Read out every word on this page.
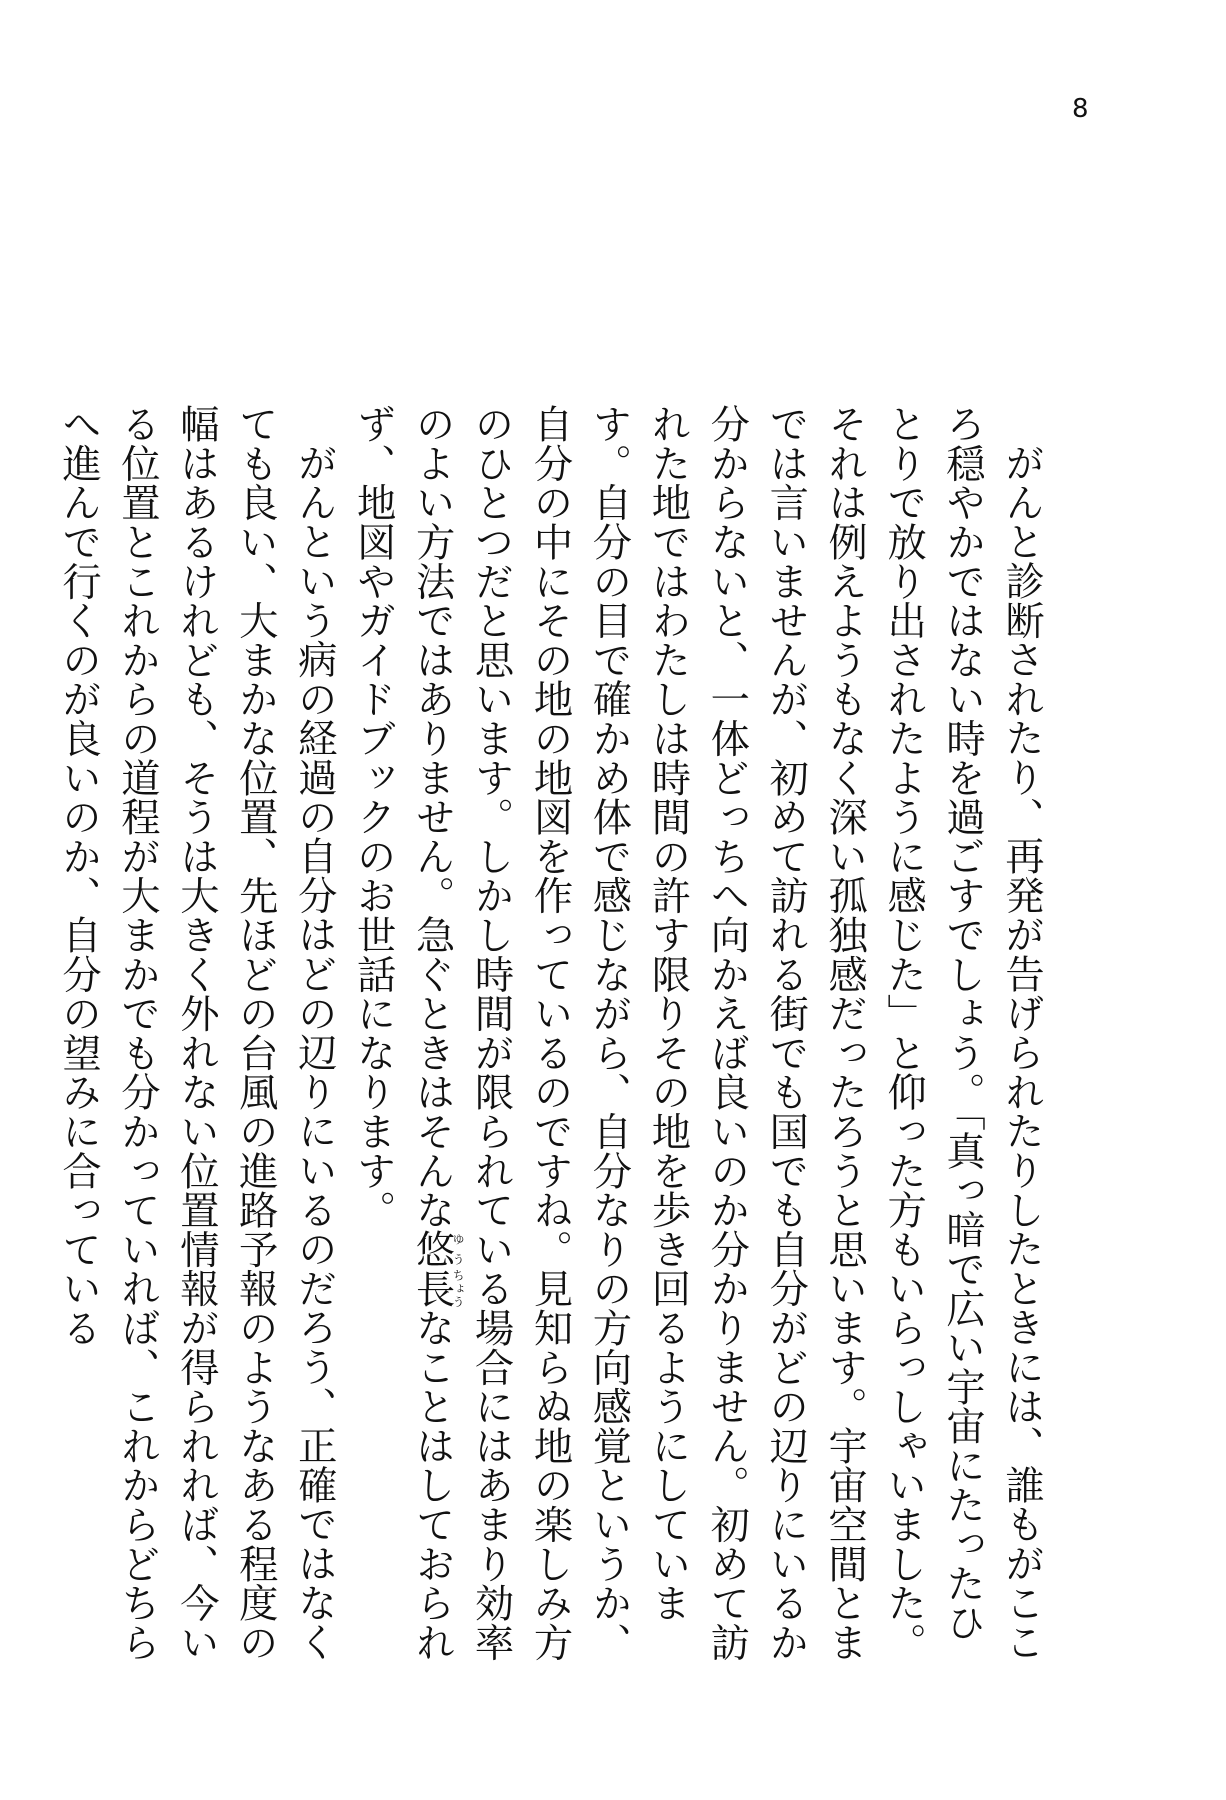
8

がんと診断されたり、再発が告げられたりしたときには、誰もがこころ穏やかではない時を過ごすでしょう。「真っ暗で広い宇宙にたったひとりで放り出されたように感じた」と仰った方もいらっしゃいました。それは例えようもなく深い孤独感だったろうと思います。宇宙空間とまでは言いませんが、初めて訪れる街でも国でも自分がどの辺りにいるか分からないと、一体どっちへ向かえば良いのか分かりません。初めて訪れた地ではわたしは時間の許す限りその地を歩き回るようにしています。自分の目で確かめ体で感じながら、自分なりの方向感覚というか、自分の中にその地の地図を作っているのですね。見知らぬ地の楽しみ方のひとつだと思います。しかし時間が限られている場合にはあまり効率のよい方法ではありません。急ぐときはそんな悠ゆう長ちょうなことはしておられず、地図やガイドブックのお世話になります。

がんという病の経過の自分はどの辺りにいるのだろう、正確ではなくても良い、大まかな位置、先ほどの台風の進路予報のようなある程度の幅はあるけれども、そうは大きく外れない位置情報が得られれば、今いる位置とこれからの道程が大まかでも分かっていれば、これからどちらへ進んで行くのが良いのか、自分の望みに合っている
